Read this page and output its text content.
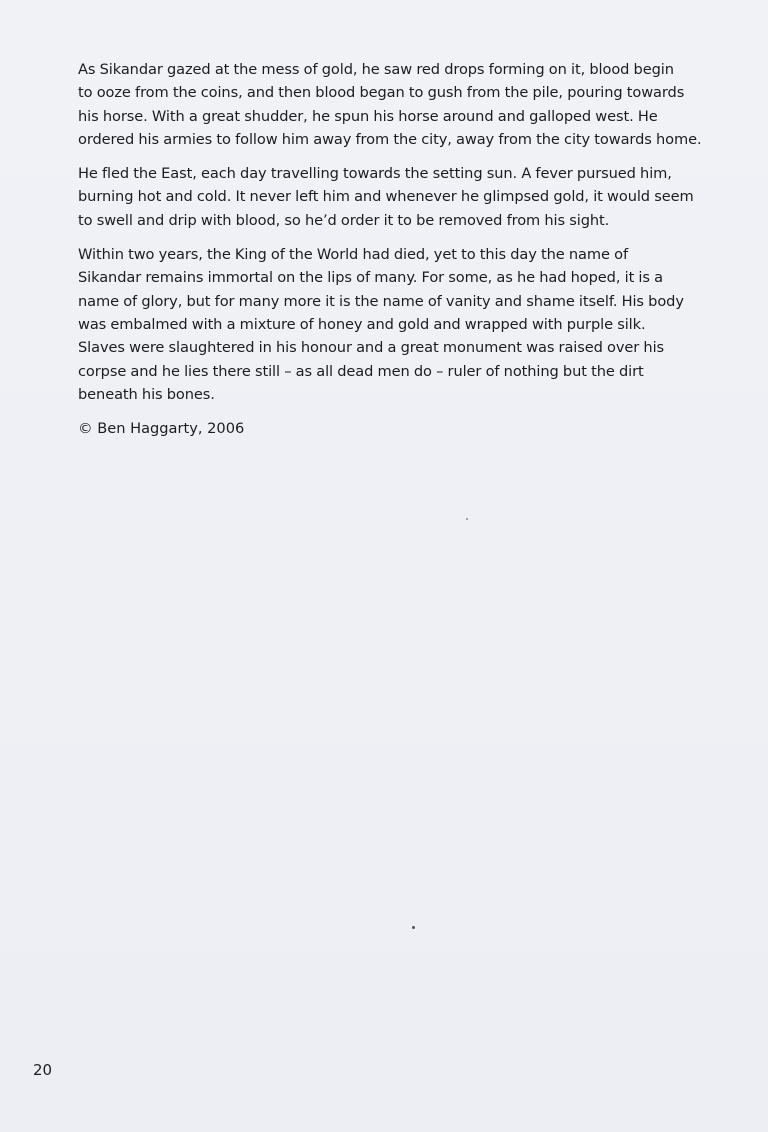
As Sikandar gazed at the mess of gold, he saw red drops forming on it, blood begin
to ooze from the coins, and then blood began to gush from the pile, pouring towards
his horse. With a great shudder, he spun his horse around and galloped west. He
ordered his armies to follow him away from the city, away from the city towards home.

He fled the East, each day travelling towards the setting sun. A fever pursued him,
burning hot and cold. It never left him and whenever he glimpsed gold, it would seem
to swell and drip with blood, so he’d order it to be removed from his sight.

Within two years, the King of the World had died, yet to this day the name of
Sikandar remains immortal on the lips of many. For some, as he had hoped, it is a
name of glory, but for many more it is the name of vanity and shame itself. His body
was embalmed with a mixture of honey and gold and wrapped with purple silk.
Slaves were slaughtered in his honour and a great monument was raised over his
corpse and he lies there still – as all dead men do – ruler of nothing but the dirt
beneath his bones.

© Ben Haggarty, 2006

20
